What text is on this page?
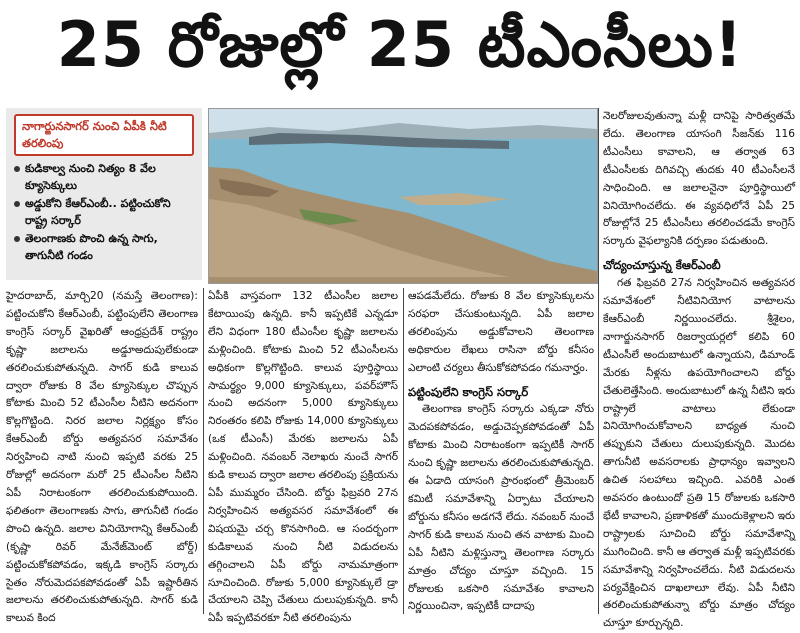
25 రోజుల్లో 25 టీఎంసీలు!
నాగార్జునసాగర్‌ నుంచి ఏపీకి నీటి తరలింపు
కుడికాల్వ నుంచి నిత్యం 8 వేల క్యూసెక్కులు
అడ్డుకోని కేఆర్‌ఎంబీ.. పట్టించుకోని రాష్ట్ర సర్కార్‌
తెలంగాణకు పొంచి ఉన్న సాగు, తాగునీటి గండం

హైదరాబాద్‌, మార్చి20 (నమస్తే తెలంగాణ): పట్టించుకోని కేఆర్‌ఎంబీ, పట్టింపులేని తెలంగాణ కాంగ్రెస్‌ సర్కార్‌ వైఖరితో ఆంధ్రప్రదేశ్‌ రాష్ట్రం కృష్ణా జలాలను అడ్డూఅదుపులేకుండా తరలించుకుపోతున్నది. సాగర్‌ కుడి కాలువ ద్వారా రోజుకు 8 వేల క్యూసెక్కుల చొప్పున కోటాకు మించి 52 టీఎంసీల నీటిని అదనంగా కొల్లగొట్టింది. నిరర జలాల నిర్లక్ష్యం కోసం కేఆర్‌ఎంబీ బోర్డు అత్యవసర సమావేశం నిర్వహించి నాటి నుంచి ఇప్పటి వరకు 25 రోజుల్లో అదనంగా మరో 25 టీఎంసీల నీటిని ఏపీ నిరాటంకంగా తరలించుకుపోయింది. ఫలితంగా తెలంగాణకు సాగు, తాగునీటి గండం పొంచి ఉన్నది. జలాల వినియోగాన్ని కేఆర్‌ఎంబీ (కృష్ణా రివర్‌ మేనేజ్‌మెంట్‌ బోర్డ్‌) పట్టించుకోకపోవడం, ఇక్కడి కాంగ్రెస్‌ సర్కారు సైతం నోరుమెదపకపోవడంతో ఏపీ ఇష్టారీతిన జలాలను తరలించుకుపోతున్నది. సాగర్‌ కుడి కాలువ కింద

ఏపీకి వాస్తవంగా 132 టీఎంసీల జలాల కేటాయింపు ఉన్నది. కానీ ఇప్పటికే ఎన్నడూ లేని విధంగా 180 టీఎంసీల కృష్ణా జలాలను మళ్లించింది. కోటాకు మించి 52 టీఎంసీలను అధికంగా కొల్లగొట్టింది. కాలువ పూర్తిస్థాయి సామర్థ్యం 9,000 క్యూసెక్కులు, పవర్‌హౌస్‌ నుంచి అదనంగా 5,000 క్యూసెక్కులు నిరంతరం కలిపి రోజుకు 14,000 క్యూసెక్కులు (ఒక టీఎంసీ) మేరకు జలాలను ఏపీ మళ్లించింది. నవంబర్‌ నెలాఖరు నుంచే సాగర్‌ కుడి కాలువ ద్వారా జలాల తరలింపు ప్రక్రియను ఏపీ ముమ్మరం చేసింది. బోర్డు ఫిబ్రవరి 27న నిర్వహించిన అత్యవసర సమావేశంలో ఈ విషయమై చర్చ కొనసాగింది. ఆ సందర్భంగా కుడికాలువ నుంచి నీటి విడుదలను తగ్గించాలని ఏపీ బోర్డు నామమాత్రంగా సూచించింది. రోజుకు 5,000 క్యూసెక్కులే డ్రా చేయాలని చెప్పి చేతులు దులుపుకున్నది. కానీ ఏపీ ఇప్పటివరకూ నీటి తరలింపును

ఆపడమేలేదు. రోజుకు 8 వేల క్యూసెక్కులను సరఫరా చేసుకుంటున్నది. ఏపీ జలాల తరలింపును అడ్డుకోవాలని తెలంగాణ అధికారుల లేఖలు రాసినా బోర్డు కనీసం ఎలాంటి చర్యలు తీసుకోకపోవడం గమనార్హం.

పట్టింపులేని కాంగ్రెస్‌ సర్కార్‌

తెలంగాణ కాంగ్రెస్‌ సర్కారు ఎక్కడా నోరు మెదపకపోవడం, అడ్డుచెప్పకపోవడంతో ఏపీ కోటాకు మించి నిరాటంకంగా ఇప్పటికీ సాగర్‌ నుంచి కృష్ణా జలాలను తరలించుకుపోతున్నది. ఈ ఏడాది యాసంగి ప్రారంభంలో త్రీమెంబర్‌ కమిటీ సమావేశాన్ని ఏర్పాటు చేయాలని బోర్డును కనీసం అడగనే లేదు. నవంబర్‌ నుంచే సాగర్‌ కుడి కాలువ నుంచి తన వాటాకు మించి ఏపీ నీటిని మళ్లిస్తున్నా తెలంగాణ సర్కారు మాత్రం చోద్యం చూస్తూ వచ్చింది. 15 రోజులకు ఒకసారి సమావేశం కావాలని నిర్ణయించినా, ఇప్పటికీ దాదాపు

నెలరోజులవుతున్నా మళ్లీ దానిపై సారిత్వతమే లేదు. తెలంగాణ యాసంగి సీజన్‌కు 116 టీఎంసీలు కావాలని, ఆ తర్వాత 63 టీఎంసీలకు దిగివచ్చి తుదకు 40 టీఎంసీలనే సాధించింది. ఆ జలాలనైనా పూర్తిస్థాయిలో వినియోగించలేదు. ఈ వ్యవధిలోనే ఏపీ 25 రోజుల్లోనే 25 టీఎంసీలు తరలించడమే కాంగ్రెస్‌ సర్కారు వైఫల్యానికి దర్పణం పడుతుంది.

చోద్యంచూస్తున్న కేఆర్‌ఎంబీ

గత ఫిబ్రవరి 27న నిర్వహించిన అత్యవసర సమావేశంలో నీటివినియోగ వాటాలను కేఆర్‌ఎంబీ నిర్ణయించలేదు. శ్రీశైలం, నాగార్జునసాగర్‌ రిజర్వాయర్లలో కలిపి 60 టీఎంసీలే అందుబాటులో ఉన్నాయని, డిమాండ్‌ మేరకు నీళ్లను ఉపయోగించాలని బోర్డు చేతులెత్తేసింది. అందుబాటులో ఉన్న నీటిని ఇరు రాష్ట్రాలే వాటాలు లేకుండా వినియోగించుకోవాలని బాధ్యత నుంచి తప్పుకుని చేతులు దులుపుకున్నది. మొదట తాగునీటి అవసరాలకు ప్రాధాన్యం ఇవ్వాలని ఉచిత సలహాలు ఇచ్చింది. ఎవరికి ఎంత అవసరం ఉంటుందో ప్రతి 15 రోజులకు ఒకసారి భేటీ కావాలని, ప్రణాళికతో ముందుకెళ్లాలని ఇరు రాష్ట్రాలకు సూచించి బోర్డు సమావేశాన్ని ముగించింది. కానీ ఆ తర్వాత మళ్లీ ఇప్పటివరకు సమావేశాన్ని నిర్వహించలేదు. నీటి విడుదలను పర్యవేక్షించిన దాఖలాలూ లేవు. ఏపీ నీటిని తరలించుకుపోతున్నా బోర్డు మాత్రం చోద్యం చూస్తూ కూర్చున్నది.
